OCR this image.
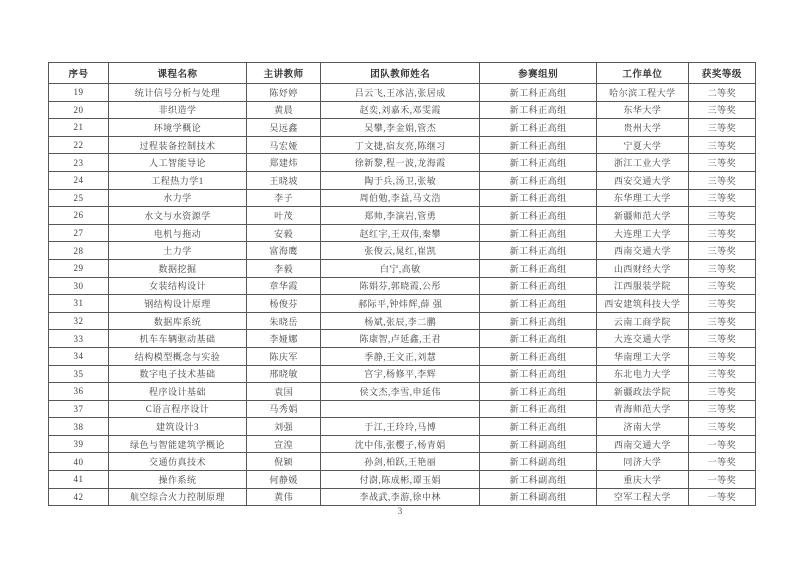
序号	课程名称	主讲教师	团队教师姓名	参赛组别	工作单位	获奖等级
19	统计信号分析与处理	陈妤婷	吕云飞,王冰洁,张居成	新工科正高组	哈尔滨工程大学	二等奖
20	非织造学	黄晨	赵奕,刘嘉禾,邓雯霞	新工科正高组	东华大学	三等奖
21	环境学概论	吴远鑫	吴攀,李金娟,管杰	新工科正高组	贵州大学	三等奖
22	过程装备控制技术	马宏娅	丁文捷,宿友亮,陈继习	新工科正高组	宁夏大学	三等奖
23	人工智能导论	郑建炜	徐新黎,程一波,龙海霞	新工科正高组	浙江工业大学	三等奖
24	工程热力学1	王晓坡	陶于兵,汤卫,张敏	新工科正高组	西安交通大学	三等奖
25	水力学	李子	周伯勉,李益,马文浩	新工科正高组	东华理工大学	三等奖
26	水文与水资源学	叶茂	郑帅,李演岩,管勇	新工科正高组	新疆师范大学	三等奖
27	电机与拖动	安毅	赵红宇,王双伟,秦攀	新工科正高组	大连理工大学	三等奖
28	土力学	富海鹰	张俊云,晁红,崔凯	新工科正高组	西南交通大学	三等奖
29	数据挖掘	李毅	白宁,高敏	新工科正高组	山西财经大学	三等奖
30	女装结构设计	章华霞	陈娟芬,郭晓霞,公彤	新工科正高组	江西服装学院	三等奖
31	钢结构设计原理	杨俊芬	郝际平,钟炜辉,薛 强	新工科正高组	西安建筑科技大学	三等奖
32	数据库系统	朱晓岳	杨斌,张辰,李二鹏	新工科正高组	云南工商学院	三等奖
33	机车车辆驱动基础	李娅娜	陈康智,卢延鑫,王君	新工科正高组	大连交通大学	三等奖
34	结构模型概念与实验	陈庆军	季静,王文正,刘慧	新工科正高组	华南理工大学	三等奖
35	数字电子技术基础	邢晓敏	宫宇,杨修平,李辉	新工科正高组	东北电力大学	三等奖
36	程序设计基础	袁国	侯文杰,李雪,申延伟	新工科正高组	新疆政法学院	三等奖
37	C语言程序设计	马秀娟		新工科正高组	青海师范大学	三等奖
38	建筑设计3	刘强	于江,王玲玲,马博	新工科正高组	济南大学	三等奖
39	绿色与智能建筑学概论	宣湟	沈中伟,张樱子,杨青娟	新工科副高组	西南交通大学	一等奖
40	交通仿真技术	倪颖	孙剑,柏跃,王艳丽	新工科副高组	同济大学	一等奖
41	操作系统	何静媛	付澍,陈成彬,谭玉娟	新工科副高组	重庆大学	一等奖
42	航空综合火力控制原理	黄伟	李战武,李游,徐中林	新工科副高组	空军工程大学	一等奖
3
